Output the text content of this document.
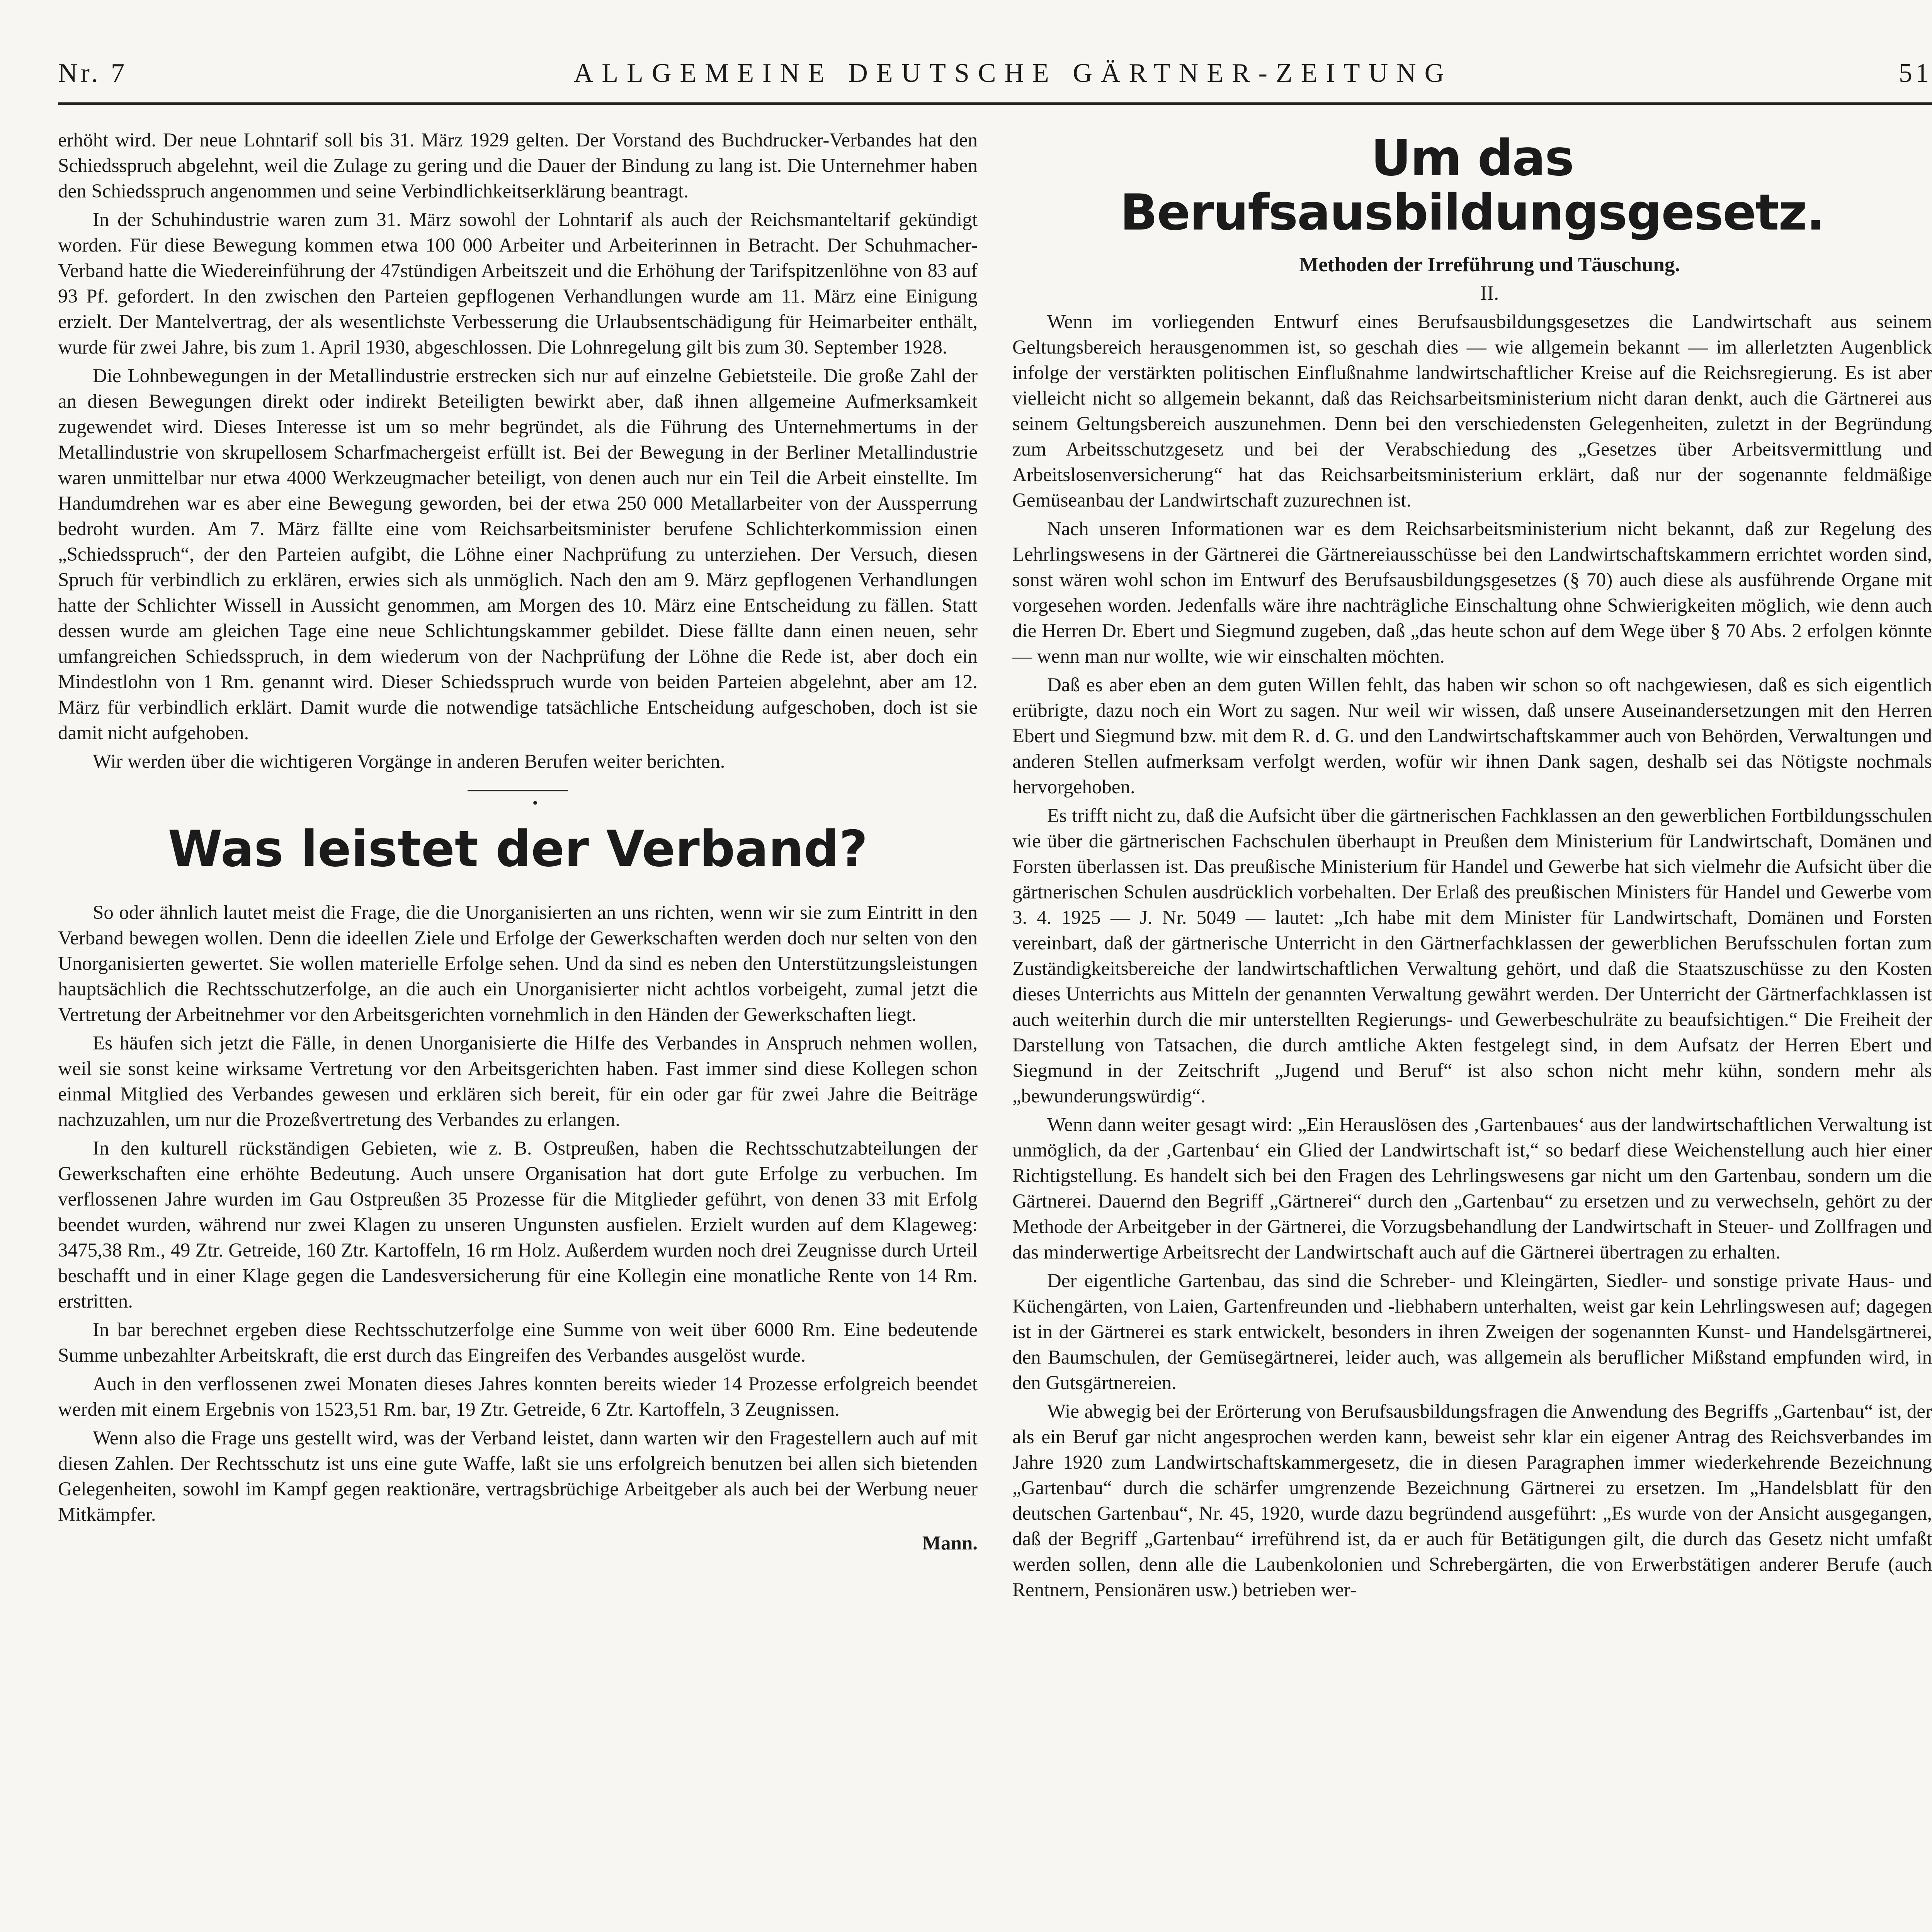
Nr. 7	ALLGEMEINE DEUTSCHE GÄRTNER-ZEITUNG	51

erhöht wird. Der neue Lohntarif soll bis 31. März 1929 gelten. Der Vorstand des Buchdrucker-Verbandes hat den Schiedsspruch abgelehnt, weil die Zulage zu gering und die Dauer der Bindung zu lang ist. Die Unternehmer haben den Schiedsspruch angenommen und seine Verbindlichkeitserklärung beantragt.

In der Schuhindustrie waren zum 31. März sowohl der Lohntarif als auch der Reichsmanteltarif gekündigt worden. Für diese Bewegung kommen etwa 100 000 Arbeiter und Arbeiterinnen in Betracht. Der Schuhmacher-Verband hatte die Wiedereinführung der 47stündigen Arbeitszeit und die Erhöhung der Tarifspitzenlöhne von 83 auf 93 Pf. gefordert. In den zwischen den Parteien gepflogenen Verhandlungen wurde am 11. März eine Einigung erzielt. Der Mantelvertrag, der als wesentlichste Verbesserung die Urlaubsentschädigung für Heimarbeiter enthält, wurde für zwei Jahre, bis zum 1. April 1930, abgeschlossen. Die Lohnregelung gilt bis zum 30. September 1928.

Die Lohnbewegungen in der Metallindustrie erstrecken sich nur auf einzelne Gebietsteile. Die große Zahl der an diesen Bewegungen direkt oder indirekt Beteiligten bewirkt aber, daß ihnen allgemeine Aufmerksamkeit zugewendet wird. Dieses Interesse ist um so mehr begründet, als die Führung des Unternehmertums in der Metallindustrie von skrupellosem Scharfmachergeist erfüllt ist. Bei der Bewegung in der Berliner Metallindustrie waren unmittelbar nur etwa 4000 Werkzeugmacher beteiligt, von denen auch nur ein Teil die Arbeit einstellte. Im Handumdrehen war es aber eine Bewegung geworden, bei der etwa 250 000 Metallarbeiter von der Aussperrung bedroht wurden. Am 7. März fällte eine vom Reichsarbeitsminister berufene Schlichterkommission einen „Schiedsspruch“, der den Parteien aufgibt, die Löhne einer Nachprüfung zu unterziehen. Der Versuch, diesen Spruch für verbindlich zu erklären, erwies sich als unmöglich. Nach den am 9. März gepflogenen Verhandlungen hatte der Schlichter Wissell in Aussicht genommen, am Morgen des 10. März eine Entscheidung zu fällen. Statt dessen wurde am gleichen Tage eine neue Schlichtungskammer gebildet. Diese fällte dann einen neuen, sehr umfangreichen Schiedsspruch, in dem wiederum von der Nachprüfung der Löhne die Rede ist, aber doch ein Mindestlohn von 1 Rm. genannt wird. Dieser Schiedsspruch wurde von beiden Parteien abgelehnt, aber am 12. März für verbindlich erklärt. Damit wurde die notwendige tatsächliche Entscheidung aufgeschoben, doch ist sie damit nicht aufgehoben.

Wir werden über die wichtigeren Vorgänge in anderen Berufen weiter berichten.

•

Was leistet der Verband?

So oder ähnlich lautet meist die Frage, die die Unorganisierten an uns richten, wenn wir sie zum Eintritt in den Verband bewegen wollen. Denn die ideellen Ziele und Erfolge der Gewerkschaften werden doch nur selten von den Unorganisierten gewertet. Sie wollen materielle Erfolge sehen. Und da sind es neben den Unterstützungsleistungen hauptsächlich die Rechtsschutzerfolge, an die auch ein Unorganisierter nicht achtlos vorbeigeht, zumal jetzt die Vertretung der Arbeitnehmer vor den Arbeitsgerichten vornehmlich in den Händen der Gewerkschaften liegt.

Es häufen sich jetzt die Fälle, in denen Unorganisierte die Hilfe des Verbandes in Anspruch nehmen wollen, weil sie sonst keine wirksame Vertretung vor den Arbeitsgerichten haben. Fast immer sind diese Kollegen schon einmal Mitglied des Verbandes gewesen und erklären sich bereit, für ein oder gar für zwei Jahre die Beiträge nachzuzahlen, um nur die Prozeßvertretung des Verbandes zu erlangen.

In den kulturell rückständigen Gebieten, wie z. B. Ostpreußen, haben die Rechtsschutzabteilungen der Gewerkschaften eine erhöhte Bedeutung. Auch unsere Organisation hat dort gute Erfolge zu verbuchen. Im verflossenen Jahre wurden im Gau Ostpreußen 35 Prozesse für die Mitglieder geführt, von denen 33 mit Erfolg beendet wurden, während nur zwei Klagen zu unseren Ungunsten ausfielen. Erzielt wurden auf dem Klageweg: 3475,38 Rm., 49 Ztr. Getreide, 160 Ztr. Kartoffeln, 16 rm Holz. Außerdem wurden noch drei Zeugnisse durch Urteil beschafft und in einer Klage gegen die Landesversicherung für eine Kollegin eine monatliche Rente von 14 Rm. erstritten.

In bar berechnet ergeben diese Rechtsschutzerfolge eine Summe von weit über 6000 Rm. Eine bedeutende Summe unbezahlter Arbeitskraft, die erst durch das Eingreifen des Verbandes ausgelöst wurde.

Auch in den verflossenen zwei Monaten dieses Jahres konnten bereits wieder 14 Prozesse erfolgreich beendet werden mit einem Ergebnis von 1523,51 Rm. bar, 19 Ztr. Getreide, 6 Ztr. Kartoffeln, 3 Zeugnissen.

Wenn also die Frage uns gestellt wird, was der Verband leistet, dann warten wir den Fragestellern auch auf mit diesen Zahlen. Der Rechtsschutz ist uns eine gute Waffe, laßt sie uns erfolgreich benutzen bei allen sich bietenden Gelegenheiten, sowohl im Kampf gegen reaktionäre, vertragsbrüchige Arbeitgeber als auch bei der Werbung neuer Mitkämpfer.

Mann.

Um das Berufsausbildungsgesetz.

Methoden der Irreführung und Täuschung.

II.

Wenn im vorliegenden Entwurf eines Berufsausbildungsgesetzes die Landwirtschaft aus seinem Geltungsbereich herausgenommen ist, so geschah dies — wie allgemein bekannt — im allerletzten Augenblick infolge der verstärkten politischen Einflußnahme landwirtschaftlicher Kreise auf die Reichsregierung. Es ist aber vielleicht nicht so allgemein bekannt, daß das Reichsarbeitsministerium nicht daran denkt, auch die Gärtnerei aus seinem Geltungsbereich auszunehmen. Denn bei den verschiedensten Gelegenheiten, zuletzt in der Begründung zum Arbeitsschutzgesetz und bei der Verabschiedung des „Gesetzes über Arbeitsvermittlung und Arbeitslosenversicherung“ hat das Reichsarbeitsministerium erklärt, daß nur der sogenannte feldmäßige Gemüseanbau der Landwirtschaft zuzurechnen ist.

Nach unseren Informationen war es dem Reichsarbeitsministerium nicht bekannt, daß zur Regelung des Lehrlingswesens in der Gärtnerei die Gärtnereiausschüsse bei den Landwirtschaftskammern errichtet worden sind, sonst wären wohl schon im Entwurf des Berufsausbildungsgesetzes (§ 70) auch diese als ausführende Organe mit vorgesehen worden. Jedenfalls wäre ihre nachträgliche Einschaltung ohne Schwierigkeiten möglich, wie denn auch die Herren Dr. Ebert und Siegmund zugeben, daß „das heute schon auf dem Wege über § 70 Abs. 2 erfolgen könnte — wenn man nur wollte, wie wir einschalten möchten.

Daß es aber eben an dem guten Willen fehlt, das haben wir schon so oft nachgewiesen, daß es sich eigentlich erübrigte, dazu noch ein Wort zu sagen. Nur weil wir wissen, daß unsere Auseinandersetzungen mit den Herren Ebert und Siegmund bzw. mit dem R. d. G. und den Landwirtschaftskammer auch von Behörden, Verwaltungen und anderen Stellen aufmerksam verfolgt werden, wofür wir ihnen Dank sagen, deshalb sei das Nötigste nochmals hervorgehoben.

Es trifft nicht zu, daß die Aufsicht über die gärtnerischen Fachklassen an den gewerblichen Fortbildungsschulen wie über die gärtnerischen Fachschulen überhaupt in Preußen dem Ministerium für Landwirtschaft, Domänen und Forsten überlassen ist. Das preußische Ministerium für Handel und Gewerbe hat sich vielmehr die Aufsicht über die gärtnerischen Schulen ausdrücklich vorbehalten. Der Erlaß des preußischen Ministers für Handel und Gewerbe vom 3. 4. 1925 — J. Nr. 5049 — lautet: „Ich habe mit dem Minister für Landwirtschaft, Domänen und Forsten vereinbart, daß der gärtnerische Unterricht in den Gärtnerfachklassen der gewerblichen Berufsschulen fortan zum Zuständigkeitsbereiche der landwirtschaftlichen Verwaltung gehört, und daß die Staatszuschüsse zu den Kosten dieses Unterrichts aus Mitteln der genannten Verwaltung gewährt werden. Der Unterricht der Gärtnerfachklassen ist auch weiterhin durch die mir unterstellten Regierungs- und Gewerbeschulräte zu beaufsichtigen.“ Die Freiheit der Darstellung von Tatsachen, die durch amtliche Akten festgelegt sind, in dem Aufsatz der Herren Ebert und Siegmund in der Zeitschrift „Jugend und Beruf“ ist also schon nicht mehr kühn, sondern mehr als „bewunderungswürdig“.

Wenn dann weiter gesagt wird: „Ein Herauslösen des ‚Gartenbaues‘ aus der landwirtschaftlichen Verwaltung ist unmöglich, da der ‚Gartenbau‘ ein Glied der Landwirtschaft ist,“ so bedarf diese Weichenstellung auch hier einer Richtigstellung. Es handelt sich bei den Fragen des Lehrlingswesens gar nicht um den Gartenbau, sondern um die Gärtnerei. Dauernd den Begriff „Gärtnerei“ durch den „Gartenbau“ zu ersetzen und zu verwechseln, gehört zu der Methode der Arbeitgeber in der Gärtnerei, die Vorzugsbehandlung der Landwirtschaft in Steuer- und Zollfragen und das minderwertige Arbeitsrecht der Landwirtschaft auch auf die Gärtnerei übertragen zu erhalten.

Der eigentliche Gartenbau, das sind die Schreber- und Kleingärten, Siedler- und sonstige private Haus- und Küchengärten, von Laien, Gartenfreunden und -liebhabern unterhalten, weist gar kein Lehrlingswesen auf; dagegen ist in der Gärtnerei es stark entwickelt, besonders in ihren Zweigen der sogenannten Kunst- und Handelsgärtnerei, den Baumschulen, der Gemüsegärtnerei, leider auch, was allgemein als beruflicher Mißstand empfunden wird, in den Gutsgärtnereien.

Wie abwegig bei der Erörterung von Berufsausbildungsfragen die Anwendung des Begriffs „Gartenbau“ ist, der als ein Beruf gar nicht angesprochen werden kann, beweist sehr klar ein eigener Antrag des Reichsverbandes im Jahre 1920 zum Landwirtschaftskammergesetz, die in diesen Paragraphen immer wiederkehrende Bezeichnung „Gartenbau“ durch die schärfer umgrenzende Bezeichnung Gärtnerei zu ersetzen. Im „Handelsblatt für den deutschen Gartenbau“, Nr. 45, 1920, wurde dazu begründend ausgeführt: „Es wurde von der Ansicht ausgegangen, daß der Begriff „Gartenbau“ irreführend ist, da er auch für Betätigungen gilt, die durch das Gesetz nicht umfaßt werden sollen, denn alle die Laubenkolonien und Schrebergärten, die von Erwerbstätigen anderer Berufe (auch Rentnern, Pensionären usw.) betrieben wer-
